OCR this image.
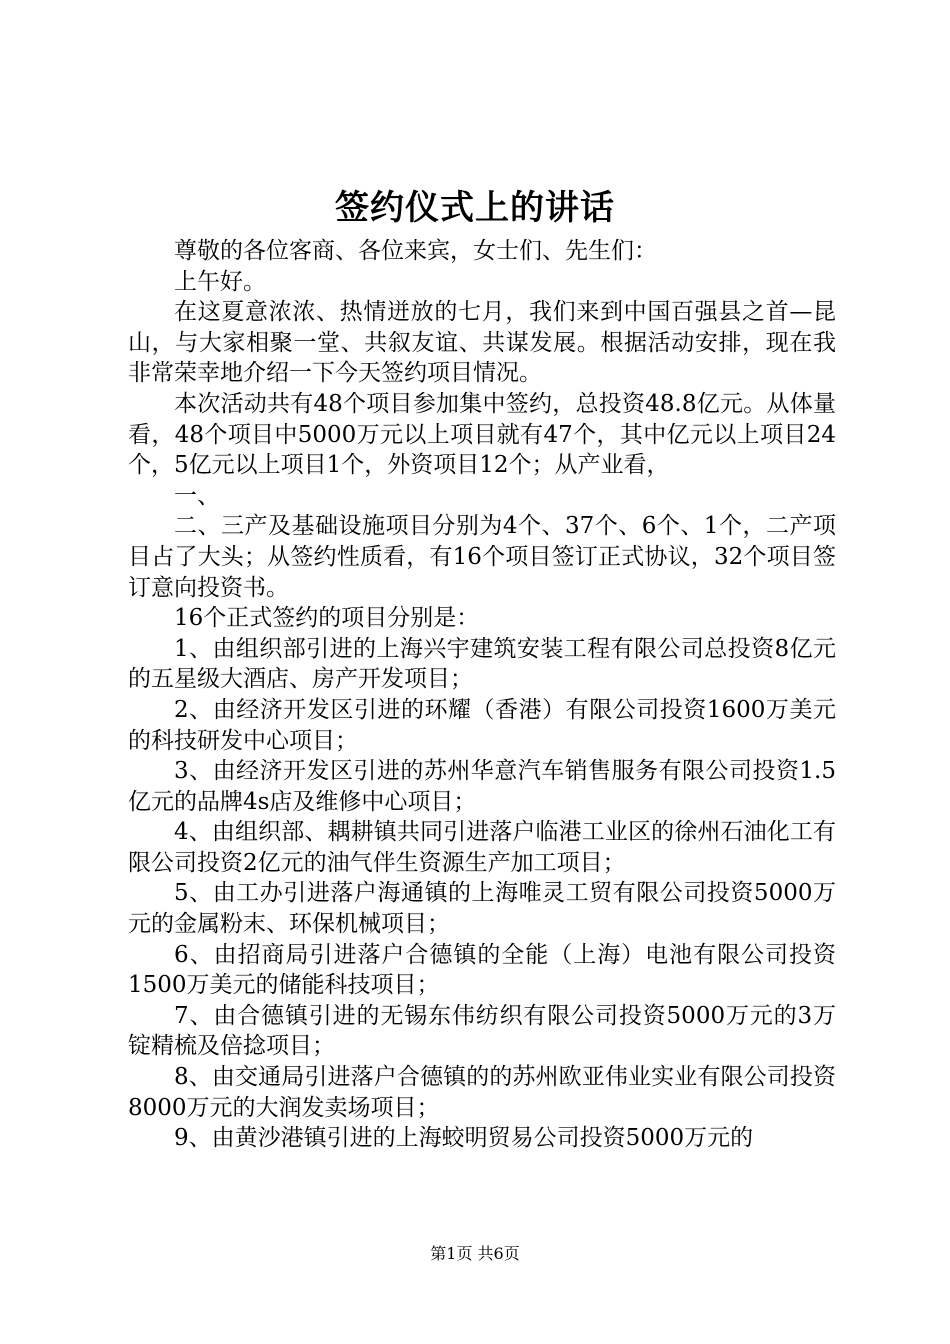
签约仪式上的讲话

尊敬的各位客商、各位来宾，女士们、先生们：

上午好。

在这夏意浓浓、热情迸放的七月，我们来到中国百强县之首—昆山，与大家相聚一堂、共叙友谊、共谋发展。根据活动安排，现在我非常荣幸地介绍一下今天签约项目情况。

本次活动共有48个项目参加集中签约，总投资48.8亿元。从体量看，48个项目中5000万元以上项目就有47个，其中亿元以上项目24个，5亿元以上项目1个，外资项目12个；从产业看，

一、

二、三产及基础设施项目分别为4个、37个、6个、1个，二产项目占了大头；从签约性质看，有16个项目签订正式协议，32个项目签订意向投资书。

16个正式签约的项目分别是：

1、由组织部引进的上海兴宇建筑安装工程有限公司总投资8亿元的五星级大酒店、房产开发项目；

2、由经济开发区引进的环耀（香港）有限公司投资1600万美元的科技研发中心项目；

3、由经济开发区引进的苏州华意汽车销售服务有限公司投资1.5亿元的品牌4s店及维修中心项目；

4、由组织部、耦耕镇共同引进落户临港工业区的徐州石油化工有限公司投资2亿元的油气伴生资源生产加工项目；

5、由工办引进落户海通镇的上海唯灵工贸有限公司投资5000万元的金属粉末、环保机械项目；

6、由招商局引进落户合德镇的全能（上海）电池有限公司投资1500万美元的储能科技项目；

7、由合德镇引进的无锡东伟纺织有限公司投资5000万元的3万锭精梳及倍捻项目；

8、由交通局引进落户合德镇的的苏州欧亚伟业实业有限公司投资8000万元的大润发卖场项目；

9、由黄沙港镇引进的上海蛟明贸易公司投资5000万元的

第1页 共6页
